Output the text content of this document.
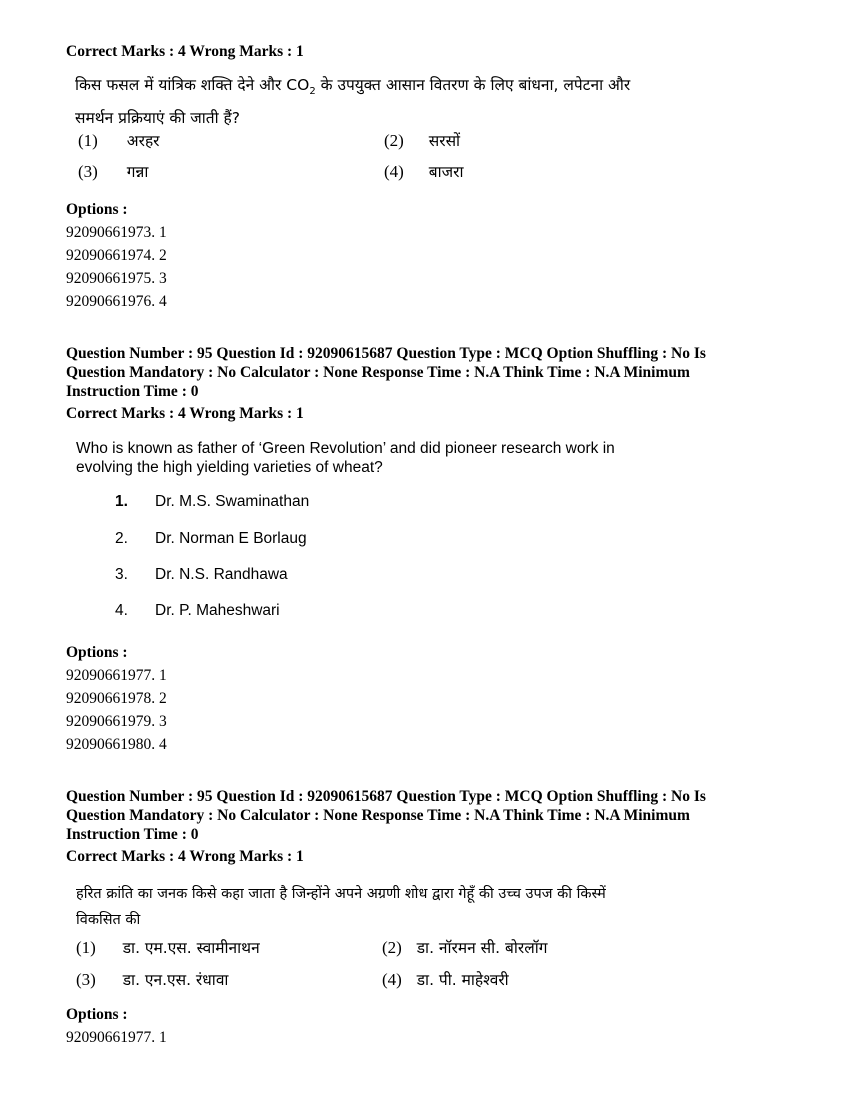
Correct Marks : 4 Wrong Marks : 1
किस फसल में यांत्रिक शक्ति देने और $CO_2$ के उपयुक्त आसान वितरण के लिए बांधना, लपेटना और
समर्थन प्रक्रियाएं की जाती हैं?
(1) अरहर	(2) सरसों
(3) गन्ना	(4) बाजरा
Options :
92090661973. 1
92090661974. 2
92090661975. 3
92090661976. 4
Question Number : 95 Question Id : 92090615687 Question Type : MCQ Option Shuffling : No Is
Question Mandatory : No Calculator : None Response Time : N.A Think Time : N.A Minimum
Instruction Time : 0
Correct Marks : 4 Wrong Marks : 1
Who is known as father of ‘Green Revolution’ and did pioneer research work in
evolving the high yielding varieties of wheat?
1. Dr. M.S. Swaminathan
2. Dr. Norman E Borlaug
3. Dr. N.S. Randhawa
4. Dr. P. Maheshwari
Options :
92090661977. 1
92090661978. 2
92090661979. 3
92090661980. 4
Question Number : 95 Question Id : 92090615687 Question Type : MCQ Option Shuffling : No Is
Question Mandatory : No Calculator : None Response Time : N.A Think Time : N.A Minimum
Instruction Time : 0
Correct Marks : 4 Wrong Marks : 1
हरित क्रांति का जनक किसे कहा जाता है जिन्होंने अपने अग्रणी शोध द्वारा गेहूँ की उच्च उपज की किस्में
विकसित की
(1) डा. एम.एस. स्वामीनाथन	(2) डा. नॉरमन सी. बोरलॉग
(3) डा. एन.एस. रंधावा	(4) डा. पी. माहेश्वरी
Options :
92090661977. 1
